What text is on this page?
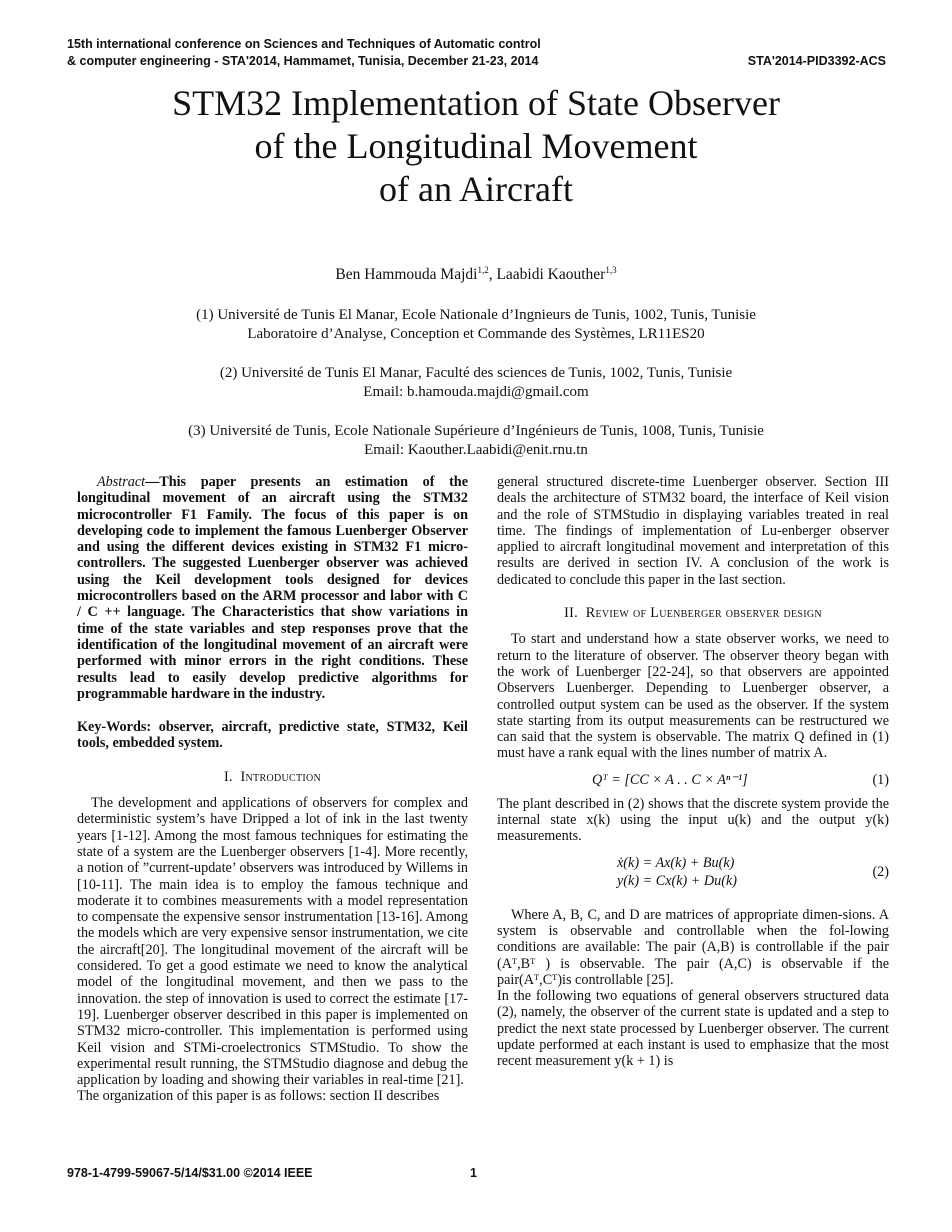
15th international conference on Sciences and Techniques of Automatic control
& computer engineering - STA'2014, Hammamet, Tunisia, December 21-23, 2014	STA'2014-PID3392-ACS
STM32 Implementation of State Observer
of the Longitudinal Movement
of an Aircraft
Ben Hammouda Majdi$^{1,2}$, Laabidi Kaouther$^{1,3}$
(1) Université de Tunis El Manar, Ecole Nationale d’Ingnieurs de Tunis, 1002, Tunis, Tunisie
Laboratoire d’Analyse, Conception et Commande des Systèmes, LR11ES20
(2) Université de Tunis El Manar, Faculté des sciences de Tunis, 1002, Tunis, Tunisie
Email: b.hamouda.majdi@gmail.com
(3) Université de Tunis, Ecole Nationale Supérieure d’Ingénieurs de Tunis, 1008, Tunis, Tunisie
Email: Kaouther.Laabidi@enit.rnu.tn

Abstract—This paper presents an estimation of the longitudinal movement of an aircraft using the STM32 microcontroller F1 Family. The focus of this paper is on developing code to implement the famous Luenberger Observer and using the different devices existing in STM32 F1 micro-controllers. The suggested Luenberger observer was achieved using the Keil development tools designed for devices microcontrollers based on the ARM processor and labor with C / C ++ language. The Characteristics that show variations in time of the state variables and step responses prove that the identification of the longitudinal movement of an aircraft were performed with minor errors in the right conditions. These results lead to easily develop predictive algorithms for programmable hardware in the industry.

Key-Words: observer, aircraft, predictive state, STM32, Keil tools, embedded system.

I. Introduction

The development and applications of observers for complex and deterministic system’s have Dripped a lot of ink in the last twenty years [1-12]. Among the most famous techniques for estimating the state of a system are the Luenberger observers [1-4]. More recently, a notion of ”current-update’ observers was introduced by Willems in [10-11]. The main idea is to employ the famous technique and moderate it to combines measurements with a model representation to compensate the expensive sensor instrumentation [13-16]. Among the models which are very expensive sensor instrumentation, we cite the aircraft[20]. The longitudinal movement of the aircraft will be considered. To get a good estimate we need to know the analytical model of the longitudinal movement, and then we pass to the innovation. the step of innovation is used to correct the estimate [17-19]. Luenberger observer described in this paper is implemented on STM32 micro-controller. This implementation is performed using Keil vision and STMi-croelectronics STMStudio. To show the experimental result running, the STMStudio diagnose and debug the application by loading and showing their variables in real-time [21].

The organization of this paper is as follows: section II describes

general structured discrete-time Luenberger observer. Section III deals the architecture of STM32 board, the interface of Keil vision and the role of STMStudio in displaying variables treated in real time. The findings of implementation of Lu-enberger observer applied to aircraft longitudinal movement and interpretation of this results are derived in section IV. A conclusion of the work is dedicated to conclude this paper in the last section.

II. Review of Luenberger observer design

To start and understand how a state observer works, we need to return to the literature of observer. The observer theory began with the work of Luenberger [22-24], so that observers are appointed Observers Luenberger. Depending to Luenberger observer, a controlled output system can be used as the observer. If the system state starting from its output measurements can be restructured we can said that the system is observable. The matrix Q defined in (1) must have a rank equal with the lines number of matrix A.

Qᵀ = [CC × A . . C × Aⁿ⁻¹]	(1)

The plant described in (2) shows that the discrete system provide the internal state x(k) using the input u(k) and the output y(k) measurements.

ẋ(k) = Ax(k) + Bu(k)
y(k) = Cx(k) + Du(k)
(2)

Where A, B, C, and D are matrices of appropriate dimen-sions. A system is observable and controllable when the fol-lowing conditions are available: The pair (A,B) is controllable if the pair (Aᵀ,Bᵀ ) is observable. The pair (A,C) is observable if the pair(Aᵀ,Cᵀ)is controllable [25].

In the following two equations of general observers structured data (2), namely, the observer of the current state is updated and a step to predict the next state processed by Luenberger observer. The current update performed at each instant is used to emphasize that the most recent measurement y(k + 1) is

978-1-4799-59067-5/14/$31.00 ©2014 IEEE	1
